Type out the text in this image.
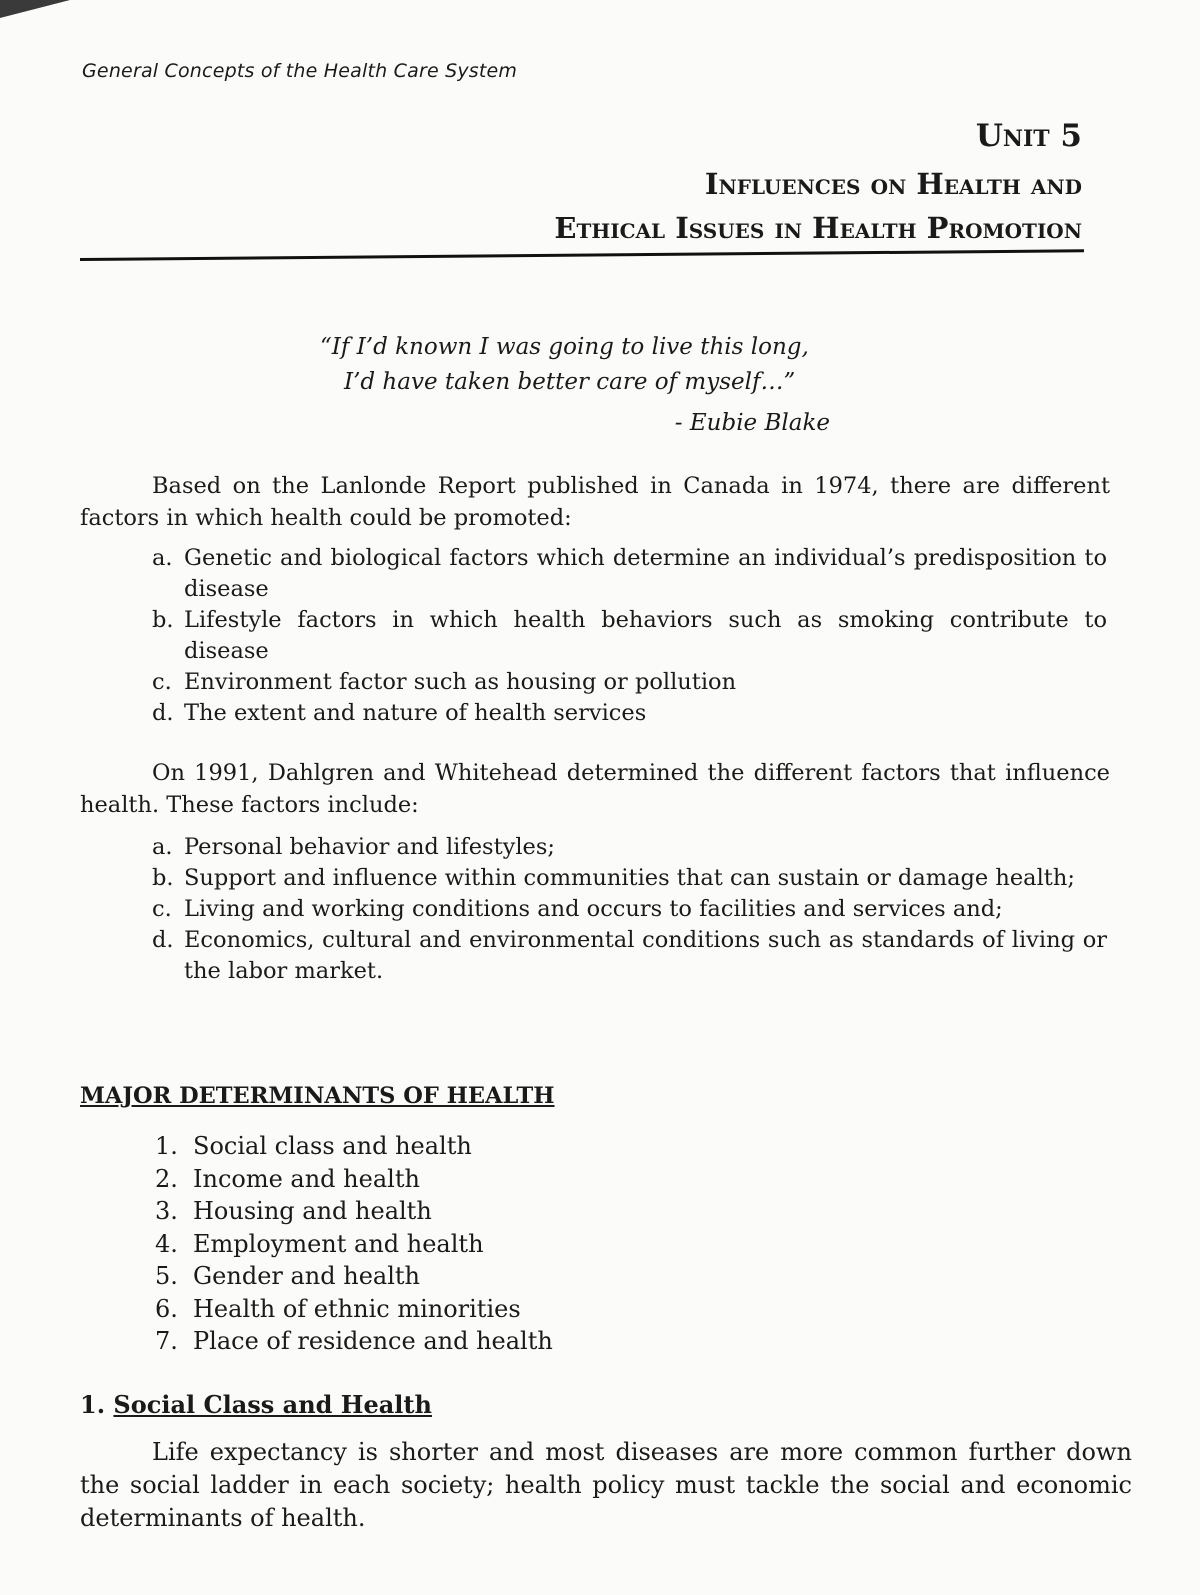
General Concepts of the Health Care System
Unit 5
Influences on Health and
Ethical Issues in Health Promotion
“If I’d known I was going to live this long,
I’d have taken better care of myself…”
- Eubie Blake
Based on the Lanlonde Report published in Canada in 1974, there are different factors in which health could be promoted:
a. Genetic and biological factors which determine an individual’s predisposition to disease
b. Lifestyle factors in which health behaviors such as smoking contribute to disease
c. Environment factor such as housing or pollution
d. The extent and nature of health services
On 1991, Dahlgren and Whitehead determined the different factors that influence health. These factors include:
a. Personal behavior and lifestyles;
b. Support and influence within communities that can sustain or damage health;
c. Living and working conditions and occurs to facilities and services and;
d. Economics, cultural and environmental conditions such as standards of living or the labor market.
MAJOR DETERMINANTS OF HEALTH
1. Social class and health
2. Income and health
3. Housing and health
4. Employment and health
5. Gender and health
6. Health of ethnic minorities
7. Place of residence and health
1. Social Class and Health
Life expectancy is shorter and most diseases are more common further down the social ladder in each society; health policy must tackle the social and economic determinants of health.
